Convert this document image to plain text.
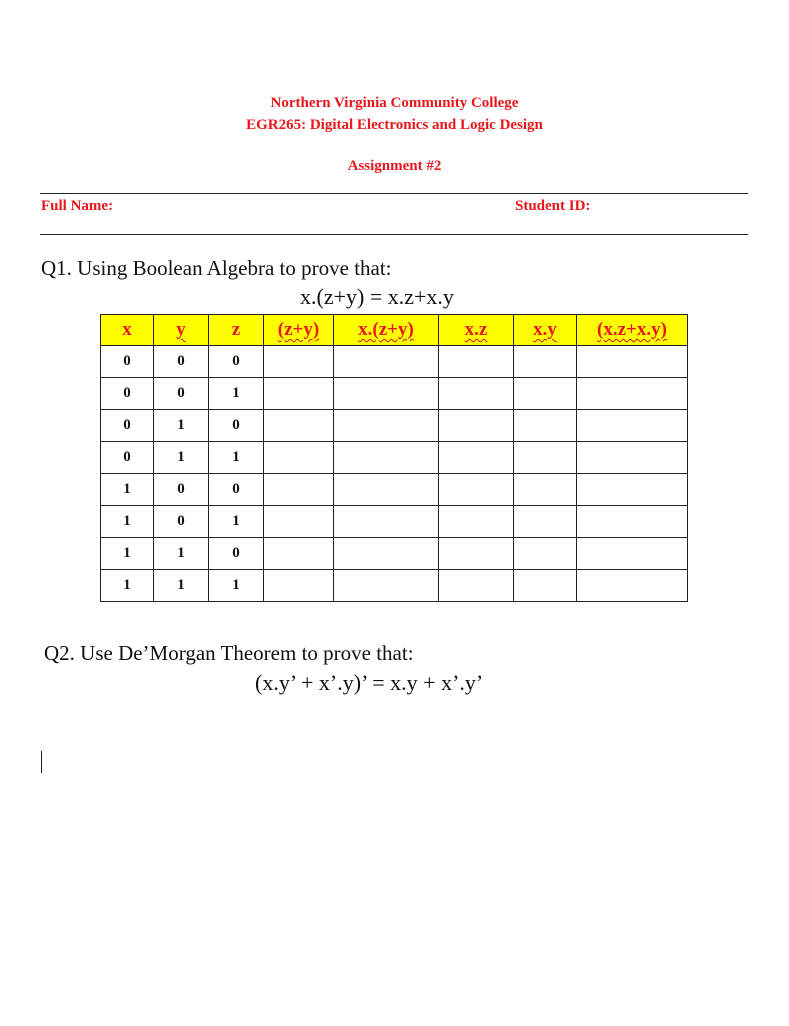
Northern Virginia Community College
EGR265: Digital Electronics and Logic Design
Assignment #2
Full Name:	Student ID:
Q1. Using Boolean Algebra to prove that:
x.(z+y) = x.z+x.y
x	y	z	(z+y)	x.(z+y)	x.z	x.y	(x.z+x.y)
0	0	0					
0	0	1					
0	1	0					
0	1	1					
1	0	0					
1	0	1					
1	1	0					
1	1	1					
Q2. Use De’Morgan Theorem to prove that:
(x.y’ + x’.y)’ = x.y + x’.y’
